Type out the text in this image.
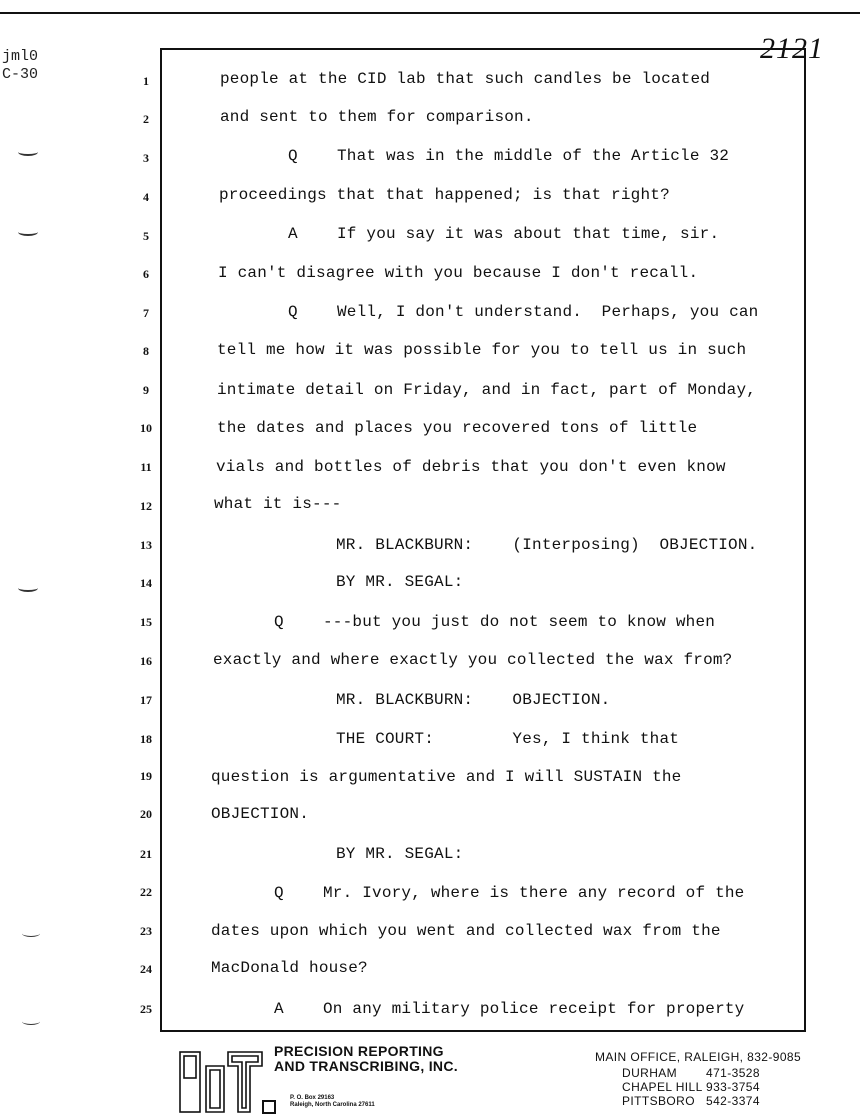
jml0
C-30
2121
1	people at the CID lab that such candles be located
2	and sent to them for comparison.
3	Q    That was in the middle of the Article 32
4	proceedings that that happened; is that right?
5	A    If you say it was about that time, sir.
6	I can't disagree with you because I don't recall.
7	Q    Well, I don't understand.  Perhaps, you can
8	tell me how it was possible for you to tell us in such
9	intimate detail on Friday, and in fact, part of Monday,
10	the dates and places you recovered tons of little
11	vials and bottles of debris that you don't even know
12	what it is---
13	MR. BLACKBURN:    (Interposing)  OBJECTION.
14	BY MR. SEGAL:
15	Q    ---but you just do not seem to know when
16	exactly and where exactly you collected the wax from?
17	MR. BLACKBURN:    OBJECTION.
18	THE COURT:        Yes, I think that
19	question is argumentative and I will SUSTAIN the
20	OBJECTION.
21	BY MR. SEGAL:
22	Q    Mr. Ivory, where is there any record of the
23	dates upon which you went and collected wax from the
24	MacDonald house?
25	A    On any military police receipt for property
PRECISION REPORTING
AND TRANSCRIBING, INC.
P. O. Box 29163
Raleigh, North Carolina 27611
MAIN OFFICE, RALEIGH, 832-9085
DURHAM 471-3528
CHAPEL HILL 933-3754
PITTSBORO 542-3374
